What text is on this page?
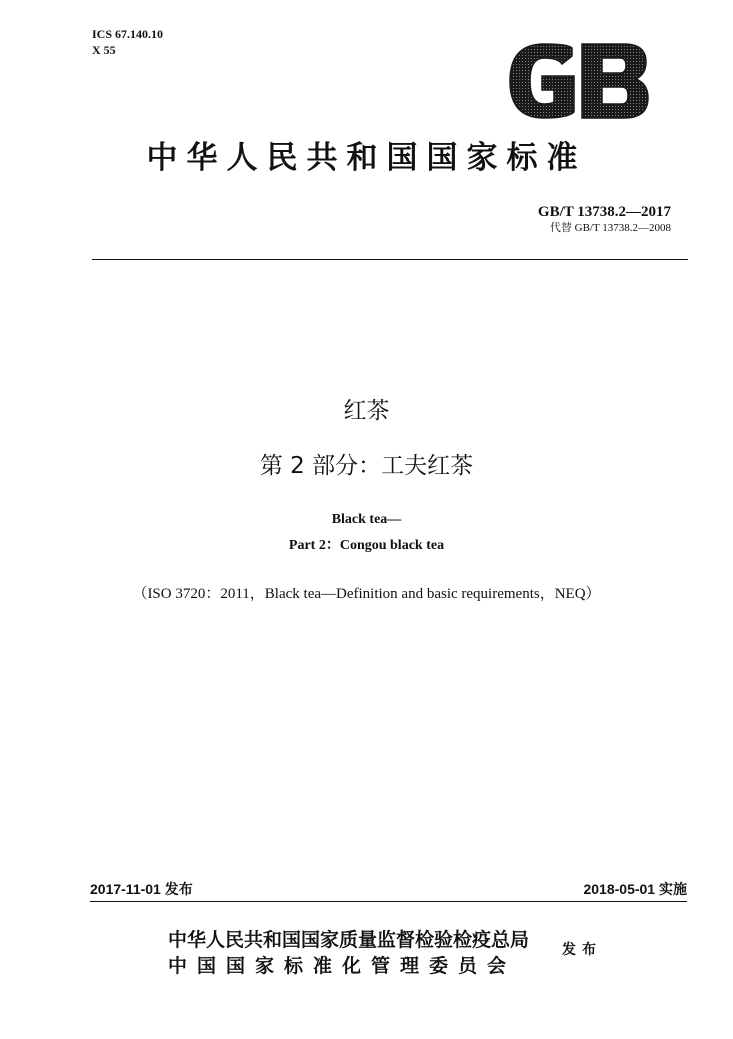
ICS 67.140.10
X 55
中华人民共和国国家标准
GB/T 13738.2—2017
代替 GB/T 13738.2—2008
红茶
第 2 部分：工夫红茶
Black tea—
Part 2：Congou black tea
（ISO 3720：2011，Black tea—Definition and basic requirements，NEQ）
2017-11-01 发布	2018-05-01 实施
中华人民共和国国家质量监督检验检疫总局
中国国家标准化管理委员会
发布
